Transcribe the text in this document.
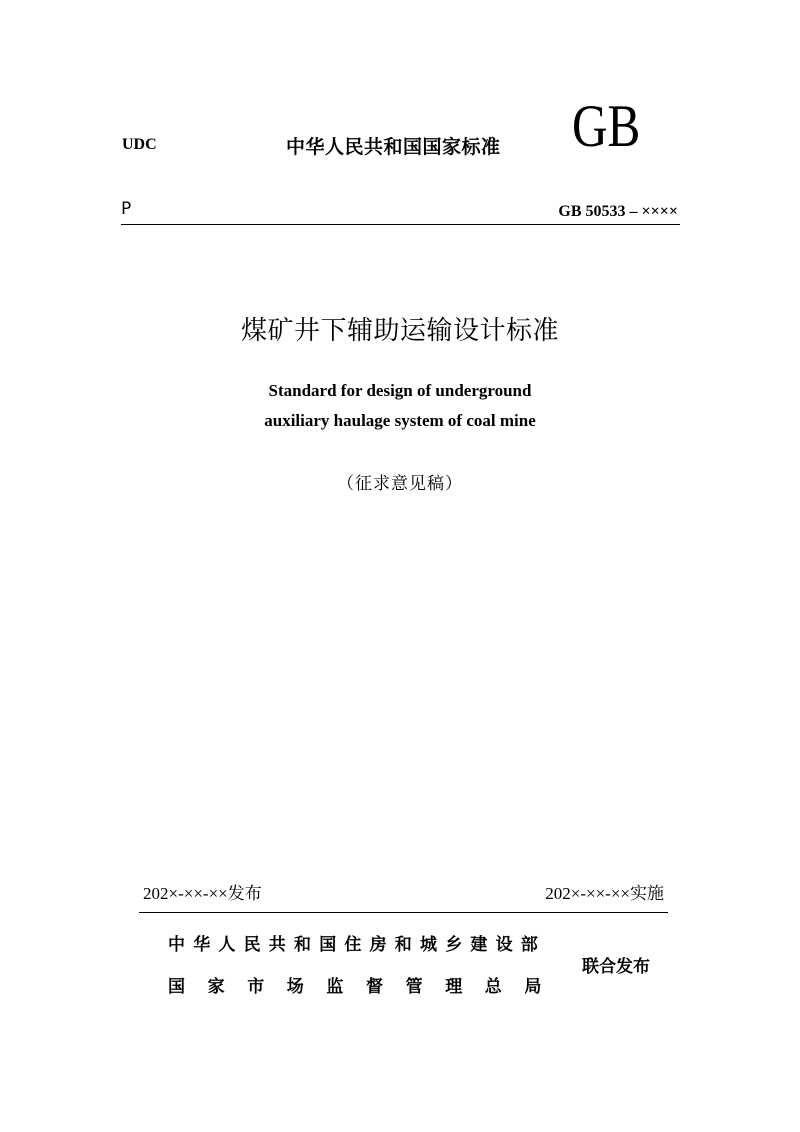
UDC	中华人民共和国国家标准 GB
P	GB 50533 – ××××
煤矿井下辅助运输设计标准
Standard for design of underground
auxiliary haulage system of coal mine
（征求意见稿）
202×-××-××发布	202×-××-××实施
中华人民共和国住房和城乡建设部
国家市场监督管理总局
联合发布
